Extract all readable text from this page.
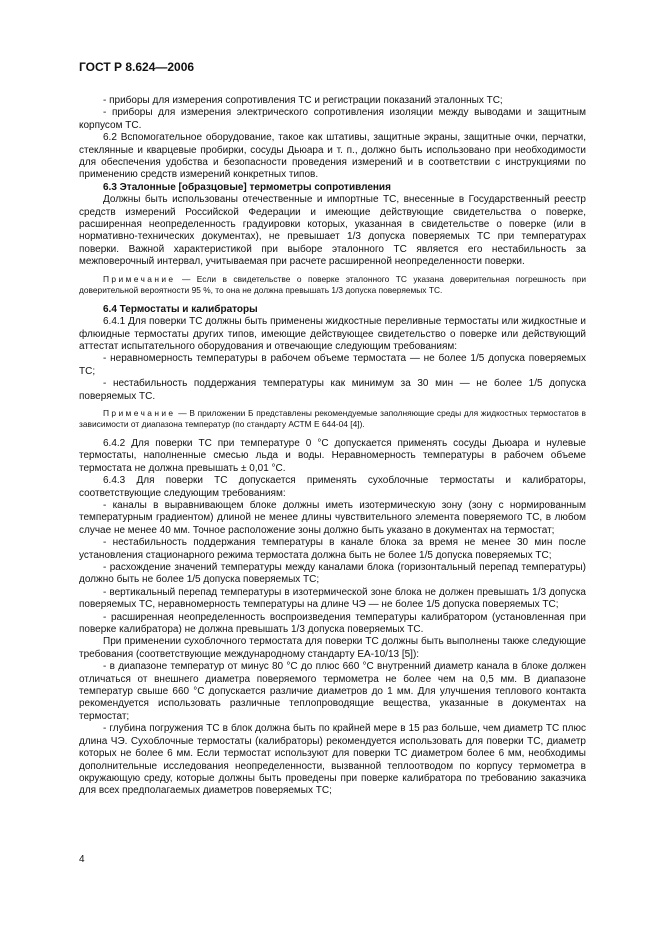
ГОСТ Р 8.624—2006

- приборы для измерения сопротивления ТС и регистрации показаний эталонных ТС;

- приборы для измерения электрического сопротивления изоляции между выводами и защитным корпусом ТС.

6.2 Вспомогательное оборудование, такое как штативы, защитные экраны, защитные очки, перчатки, стеклянные и кварцевые пробирки, сосуды Дьюара и т. п., должно быть использовано при необходимости для обеспечения удобства и безопасности проведения измерений и в соответствии с инструкциями по применению средств измерений конкретных типов.

6.3 Эталонные [образцовые] термометры сопротивления

Должны быть использованы отечественные и импортные ТС, внесенные в Государственный реестр средств измерений Российской Федерации и имеющие действующие свидетельства о поверке, расширенная неопределенность градуировки которых, указанная в свидетельстве о поверке (или в нормативно-технических документах), не превышает 1/3 допуска поверяемых ТС при температурах поверки. Важной характеристикой при выборе эталонного ТС является его нестабильность за межповерочный интервал, учитываемая при расчете расширенной неопределенности поверки.

Примечание — Если в свидетельстве о поверке эталонного ТС указана доверительная погрешность при доверительной вероятности 95 %, то она не должна превышать 1/3 допуска поверяемых ТС.

6.4 Термостаты и калибраторы

6.4.1 Для поверки ТС должны быть применены жидкостные переливные термостаты или жидкостные и флюидные термостаты других типов, имеющие действующее свидетельство о поверке или действующий аттестат испытательного оборудования и отвечающие следующим требованиям:

- неравномерность температуры в рабочем объеме термостата — не более 1/5 допуска поверяемых ТС;

- нестабильность поддержания температуры как минимум за 30 мин — не более 1/5 допуска поверяемых ТС.

Примечание — В приложении Б представлены рекомендуемые заполняющие среды для жидкостных термостатов в зависимости от диапазона температур (по стандарту АСТМ Е 644-04 [4]).

6.4.2 Для поверки ТС при температуре 0 °С допускается применять сосуды Дьюара и нулевые термостаты, наполненные смесью льда и воды. Неравномерность температуры в рабочем объеме термостата не должна превышать ± 0,01 °С.

6.4.3 Для поверки ТС допускается применять сухоблочные термостаты и калибраторы, соответствующие следующим требованиям:

- каналы в выравнивающем блоке должны иметь изотермическую зону (зону с нормированным температурным градиентом) длиной не менее длины чувствительного элемента поверяемого ТС, в любом случае не менее 40 мм. Точное расположение зоны должно быть указано в документах на термостат;

- нестабильность поддержания температуры в канале блока за время не менее 30 мин после установления стационарного режима термостата должна быть не более 1/5 допуска поверяемых ТС;

- расхождение значений температуры между каналами блока (горизонтальный перепад температуры) должно быть не более 1/5 допуска поверяемых ТС;

- вертикальный перепад температуры в изотермической зоне блока не должен превышать 1/3 допуска поверяемых ТС, неравномерность температуры на длине ЧЭ — не более 1/5 допуска поверяемых ТС;

- расширенная неопределенность воспроизведения температуры калибратором (установленная при поверке калибратора) не должна превышать 1/3 допуска поверяемых ТС.

При применении сухоблочного термостата для поверки ТС должны быть выполнены также следующие требования (соответствующие международному стандарту ЕА-10/13 [5]):

- в диапазоне температур от минус 80 °С до плюс 660 °С внутренний диаметр канала в блоке должен отличаться от внешнего диаметра поверяемого термометра не более чем на 0,5 мм. В диапазоне температур свыше 660 °С допускается различие диаметров до 1 мм. Для улучшения теплового контакта рекомендуется использовать различные теплопроводящие вещества, указанные в документах на термостат;

- глубина погружения ТС в блок должна быть по крайней мере в 15 раз больше, чем диаметр ТС плюс длина ЧЭ. Сухоблочные термостаты (калибраторы) рекомендуется использовать для поверки ТС, диаметр которых не более 6 мм. Если термостат используют для поверки ТС диаметром более 6 мм, необходимы дополнительные исследования неопределенности, вызванной теплоотводом по корпусу термометра в окружающую среду, которые должны быть проведены при поверке калибратора по требованию заказчика для всех предполагаемых диаметров поверяемых ТС;

4
